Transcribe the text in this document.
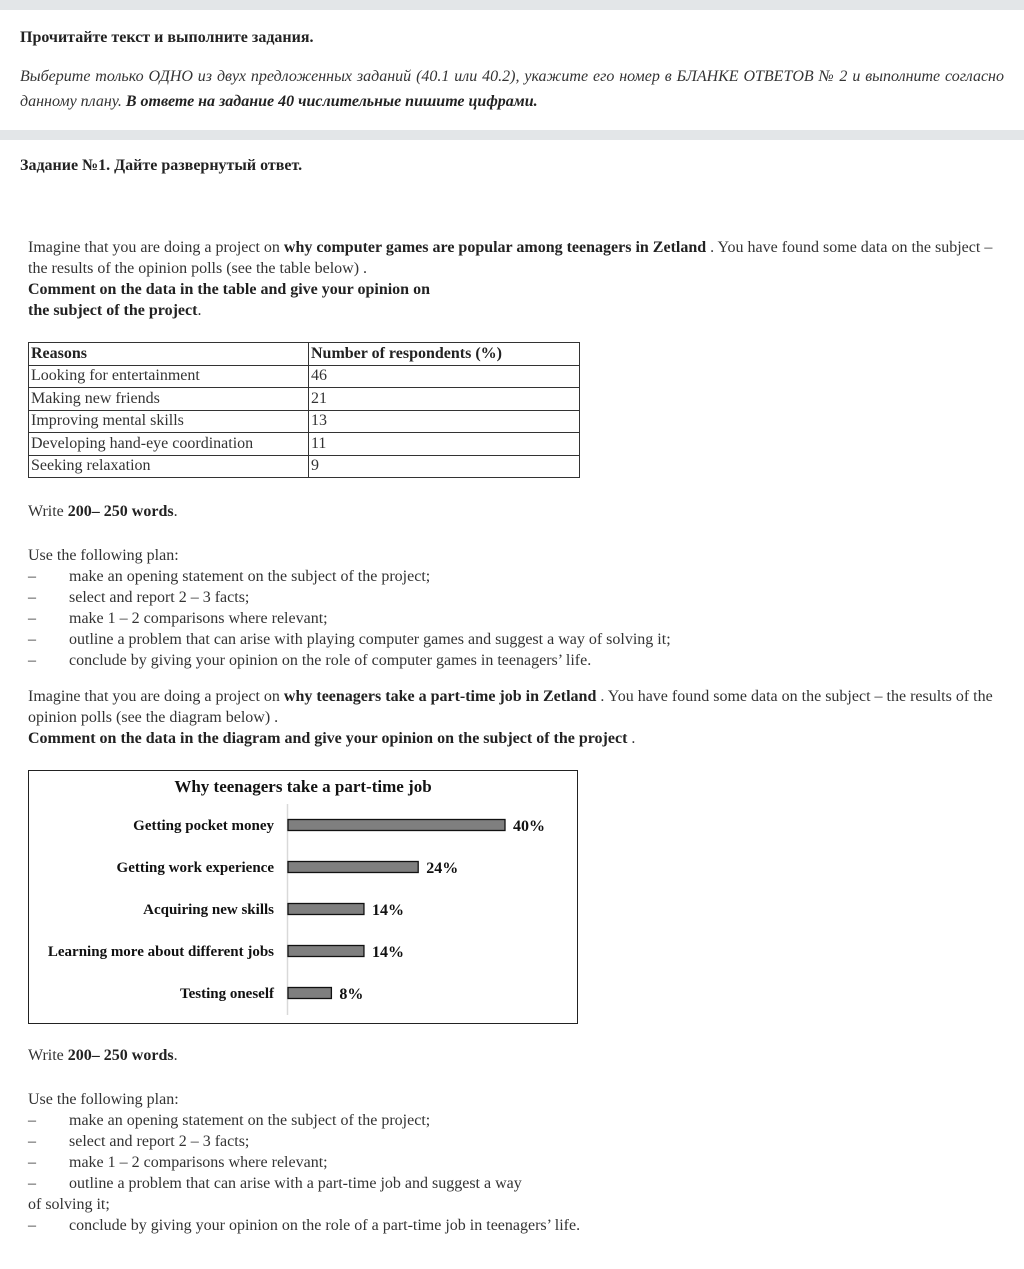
Прочитайте текст и выполните задания.
Выберите только ОДНО из двух предложенных заданий (40.1 или 40.2), укажите его номер в БЛАНКЕ ОТВЕТОВ № 2 и выполните согласно данному плану. В ответе на задание 40 числительные пишите цифрами.
Задание №1. Дайте развернутый ответ.
Imagine that you are doing a project on why computer games are popular among teenagers in Zetland . You have found some data on the subject – the results of the opinion polls (see the table below) .
Comment on the data in the table and give your opinion on
the subject of the project.
Reasons	Number of respondents (%)
Looking for entertainment	46
Making new friends	21
Improving mental skills	13
Developing hand-eye coordination	11
Seeking relaxation	9
Write 200– 250 words.
Use the following plan:
–	make an opening statement on the subject of the project;
–	select and report 2 – 3 facts;
–	make 1 – 2 comparisons where relevant;
–	outline a problem that can arise with playing computer games and suggest a way of solving it;
–	conclude by giving your opinion on the role of computer games in teenagers’ life.
Imagine that you are doing a project on why teenagers take a part-time job in Zetland . You have found some data on the subject – the results of the opinion polls (see the diagram below) .
Comment on the data in the diagram and give your opinion on the subject of the project .
Why teenagers take a part-time job
Getting pocket money	40%
Getting work experience	24%
Acquiring new skills	14%
Learning more about different jobs	14%
Testing oneself	8%
Write 200– 250 words.
Use the following plan:
–	make an opening statement on the subject of the project;
–	select and report 2 – 3 facts;
–	make 1 – 2 comparisons where relevant;
–	outline a problem that can arise with a part-time job and suggest a way
of solving it;
–	conclude by giving your opinion on the role of a part-time job in teenagers’ life.
